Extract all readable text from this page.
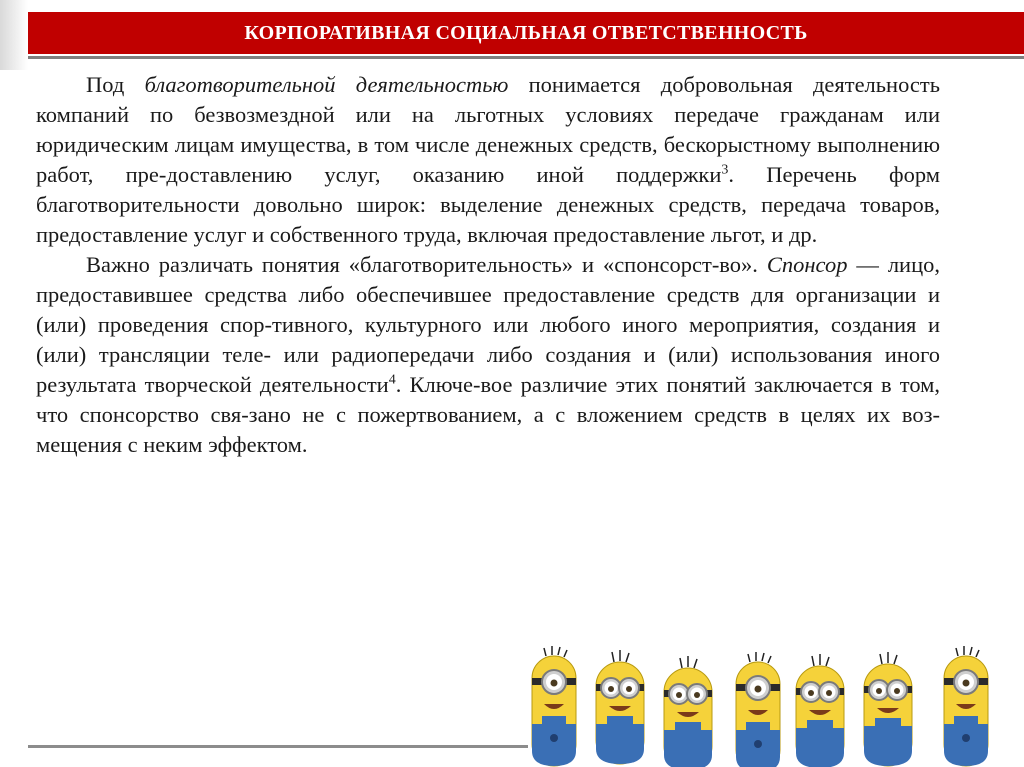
КОРПОРАТИВНАЯ СОЦИАЛЬНАЯ ОТВЕТСТВЕННОСТЬ

Под благотворительной деятельностью понимается добровольная деятельность компаний по безвозмездной или на льготных условиях передаче гражданам или юридическим лицам имущества, в том числе денежных средств, бескорыстному выполнению работ, пре-доставлению услуг, оказанию иной поддержки$^3$. Перечень форм благотворительности довольно широк: выделение денежных средств, передача товаров, предоставление услуг и собственного труда, включая предоставление льгот, и др.

Важно различать понятия «благотворительность» и «спонсорст-во». Спонсор — лицо, предоставившее средства либо обеспечившее предоставление средств для организации и (или) проведения спор-тивного, культурного или любого иного мероприятия, создания и (или) трансляции теле- или радиопередачи либо создания и (или) использования иного результата творческой деятельности$^4$. Ключе-вое различие этих понятий заключается в том, что спонсорство свя-зано не с пожертвованием, а с вложением средств в целях их воз-мещения с неким эффектом.
